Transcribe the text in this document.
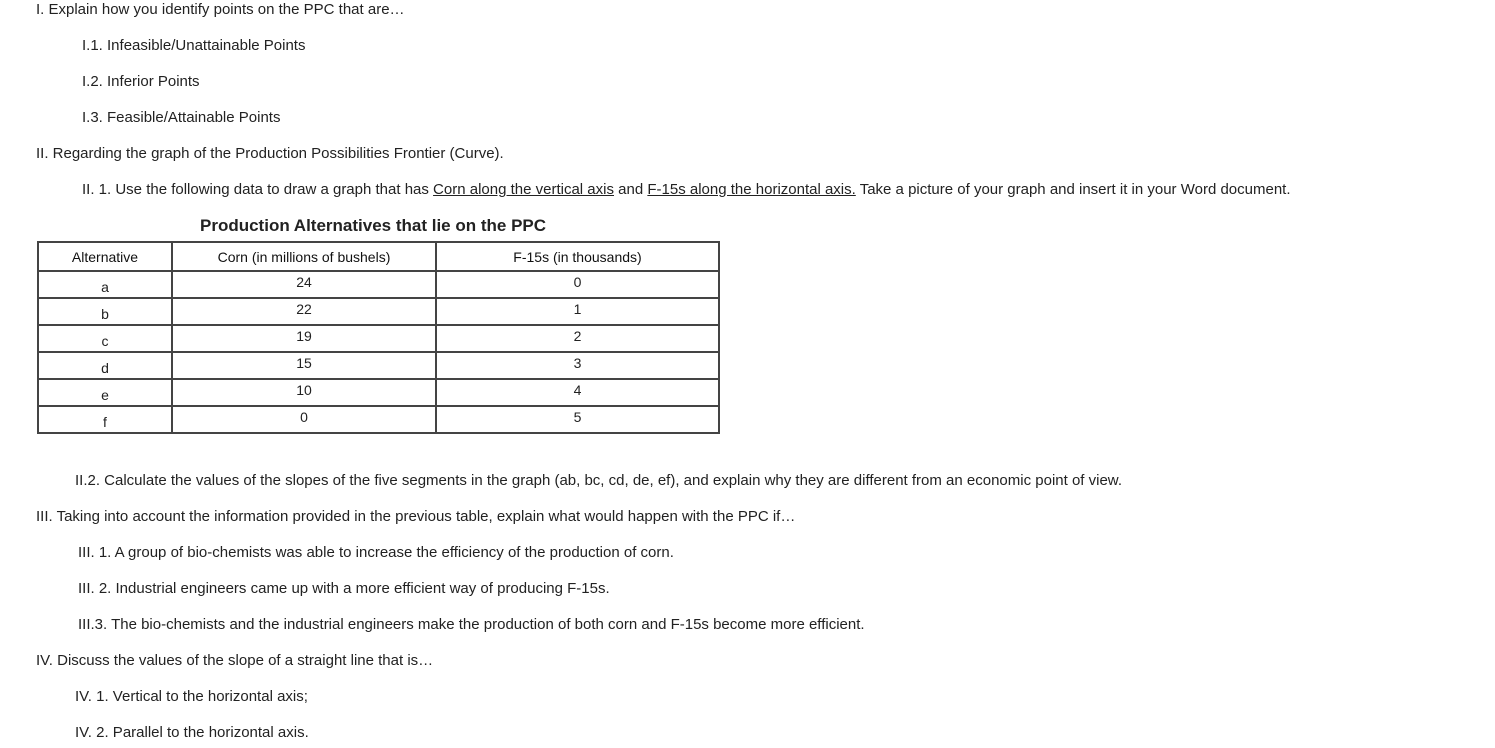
I. Explain how you identify points on the PPC that are…
I.1. Infeasible/Unattainable Points
I.2. Inferior Points
I.3. Feasible/Attainable Points
II. Regarding the graph of the Production Possibilities Frontier (Curve).
II. 1. Use the following data to draw a graph that has Corn along the vertical axis and F-15s along the horizontal axis. Take a picture of your graph and insert it in your Word document.
Production Alternatives that lie on the PPC
Alternative	Corn (in millions of bushels)	F-15s (in thousands)
a	24	0
b	22	1
c	19	2
d	15	3
e	10	4
f	0	5
II.2. Calculate the values of the slopes of the five segments in the graph (ab, bc, cd, de, ef), and explain why they are different from an economic point of view.
III. Taking into account the information provided in the previous table, explain what would happen with the PPC if…
III. 1. A group of bio-chemists was able to increase the efficiency of the production of corn.
III. 2. Industrial engineers came up with a more efficient way of producing F-15s.
III.3. The bio-chemists and the industrial engineers make the production of both corn and F-15s become more efficient.
IV. Discuss the values of the slope of a straight line that is…
IV. 1. Vertical to the horizontal axis;
IV. 2. Parallel to the horizontal axis.
